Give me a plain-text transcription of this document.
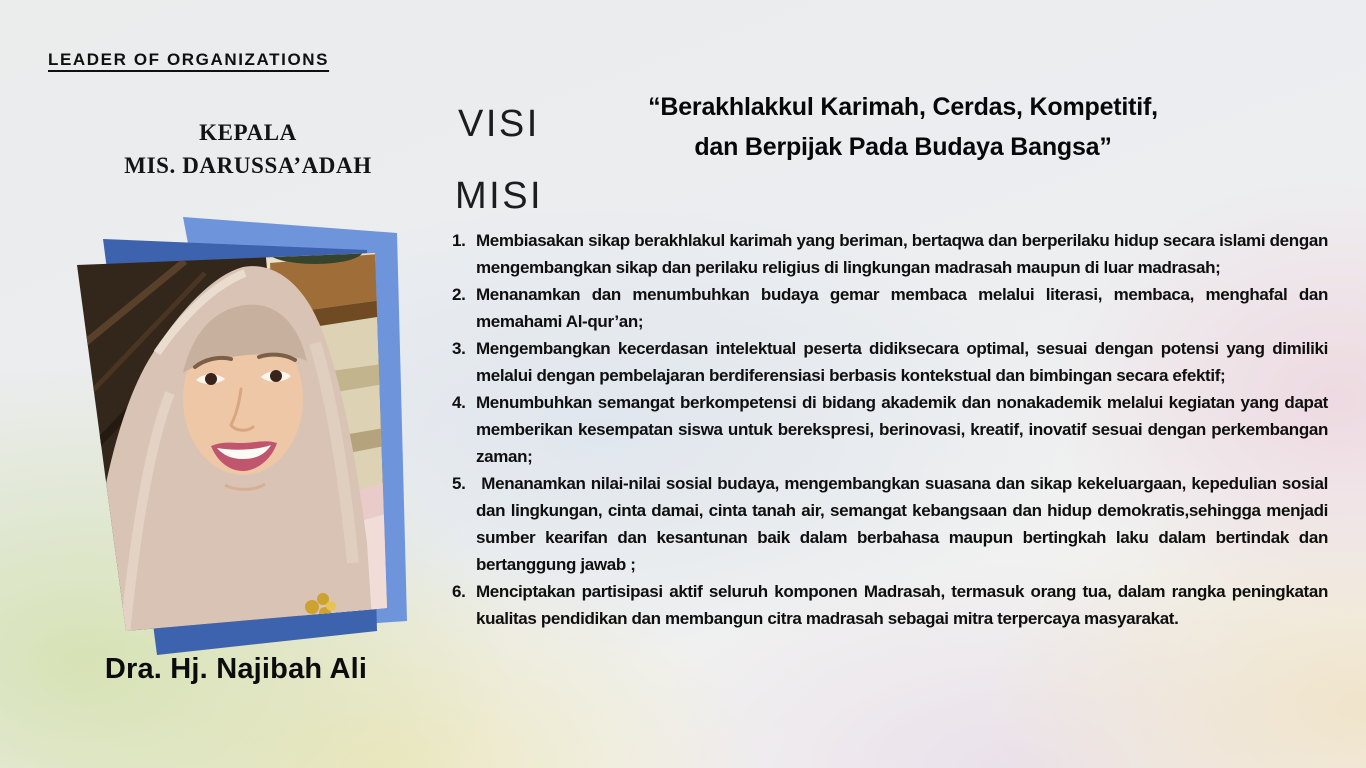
LEADER OF ORGANIZATIONS
KEPALA
MIS. DARUSSA’ADAH
Dra. Hj. Najibah Ali
VISI	“Berakhlakkul Karimah, Cerdas, Kompetitif,
dan Berpijak Pada Budaya Bangsa”
MISI
1. Membiasakan sikap berakhlakul karimah yang beriman, bertaqwa dan berperilaku hidup secara islami dengan mengembangkan sikap dan perilaku religius di lingkungan madrasah maupun di luar madrasah;
2. Menanamkan dan menumbuhkan budaya gemar membaca melalui literasi, membaca, menghafal dan memahami Al-qur’an;
3. Mengembangkan kecerdasan intelektual peserta didiksecara optimal, sesuai dengan potensi yang dimiliki melalui dengan pembelajaran berdiferensiasi berbasis kontekstual dan bimbingan secara efektif;
4. Menumbuhkan semangat berkompetensi di bidang akademik dan nonakademik melalui kegiatan yang dapat memberikan kesempatan siswa untuk berekspresi, berinovasi, kreatif, inovatif sesuai dengan perkembangan zaman;
5. Menanamkan nilai-nilai sosial budaya, mengembangkan suasana dan sikap kekeluargaan, kepedulian sosial dan lingkungan, cinta damai, cinta tanah air, semangat kebangsaan dan hidup demokratis,sehingga menjadi sumber kearifan dan kesantunan baik dalam berbahasa maupun bertingkah laku dalam bertindak dan bertanggung jawab ;
6. Menciptakan partisipasi aktif seluruh komponen Madrasah, termasuk orang tua, dalam rangka peningkatan kualitas pendidikan dan membangun citra madrasah sebagai mitra terpercaya masyarakat.
